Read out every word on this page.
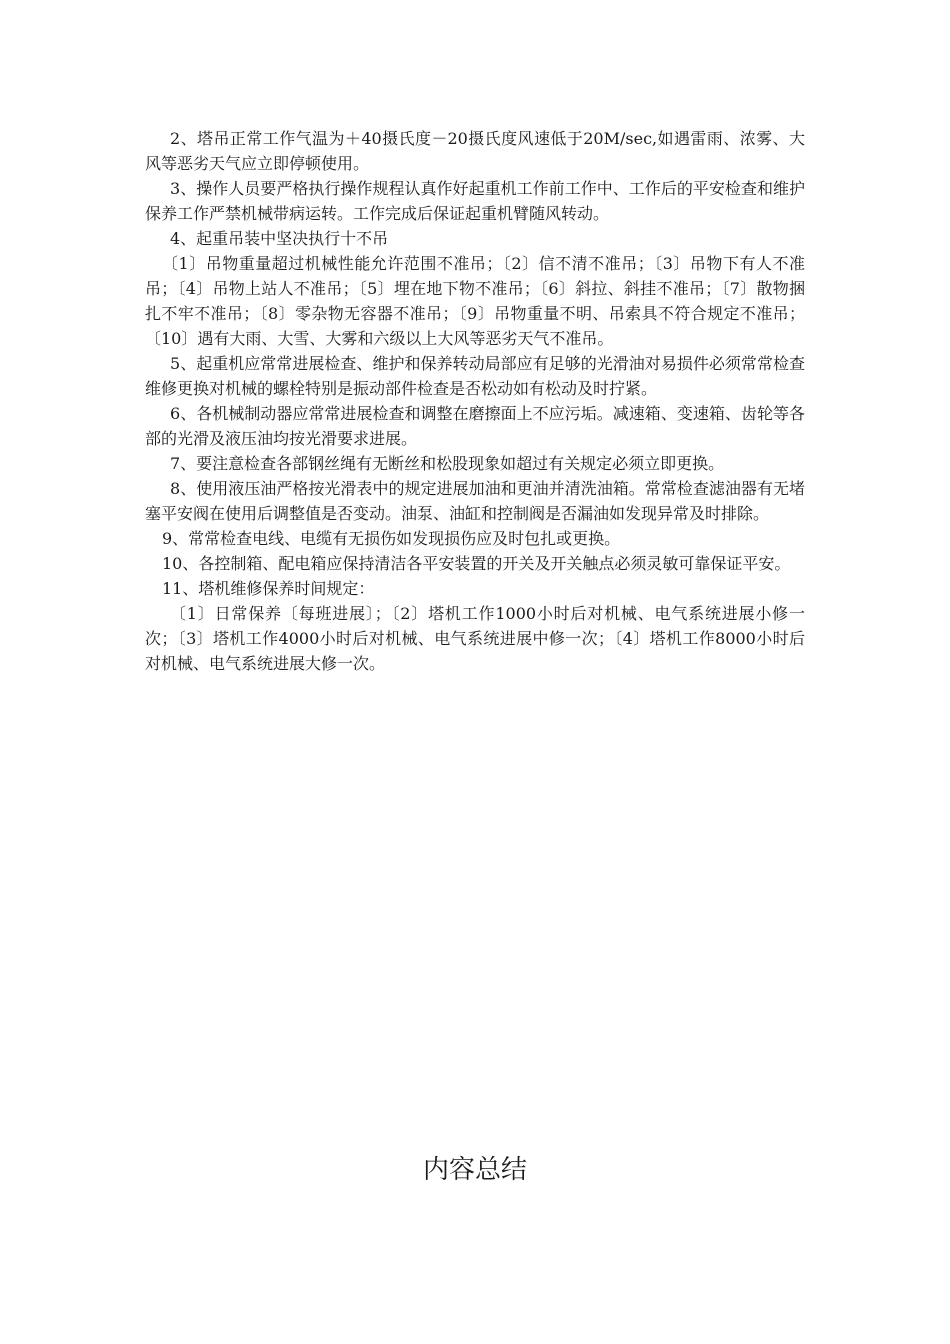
2、塔吊正常工作气温为＋40摄氏度－20摄氏度风速低于20M/sec,如遇雷雨、浓雾、大风等恶劣天气应立即停顿使用。

3、操作人员要严格执行操作规程认真作好起重机工作前工作中、工作后的平安检查和维护保养工作严禁机械带病运转。工作完成后保证起重机臂随风转动。

4、起重吊装中坚决执行十不吊

〔1〕吊物重量超过机械性能允许范围不准吊；〔2〕信不清不准吊；〔3〕吊物下有人不准吊；〔4〕吊物上站人不准吊；〔5〕埋在地下物不准吊；〔6〕斜拉、斜挂不准吊；〔7〕散物捆扎不牢不准吊；〔8〕零杂物无容器不准吊；〔9〕吊物重量不明、吊索具不符合规定不准吊；〔10〕遇有大雨、大雪、大雾和六级以上大风等恶劣天气不准吊。

5、起重机应常常进展检查、维护和保养转动局部应有足够的光滑油对易损件必须常常检查维修更换对机械的螺栓特别是振动部件检查是否松动如有松动及时拧紧。

6、各机械制动器应常常进展检查和调整在磨擦面上不应污垢。减速箱、变速箱、齿轮等各部的光滑及液压油均按光滑要求进展。

7、要注意检查各部钢丝绳有无断丝和松股现象如超过有关规定必须立即更换。

8、使用液压油严格按光滑表中的规定进展加油和更油并清洗油箱。常常检查滤油器有无堵塞平安阀在使用后调整值是否变动。油泵、油缸和控制阀是否漏油如发现异常及时排除。

9、常常检查电线、电缆有无损伤如发现损伤应及时包扎或更换。

10、各控制箱、配电箱应保持清洁各平安装置的开关及开关触点必须灵敏可靠保证平安。

11、塔机维修保养时间规定：

〔1〕日常保养〔每班进展〕；〔2〕塔机工作1000小时后对机械、电气系统进展小修一次；〔3〕塔机工作4000小时后对机械、电气系统进展中修一次；〔4〕塔机工作8000小时后对机械、电气系统进展大修一次。

内容总结
